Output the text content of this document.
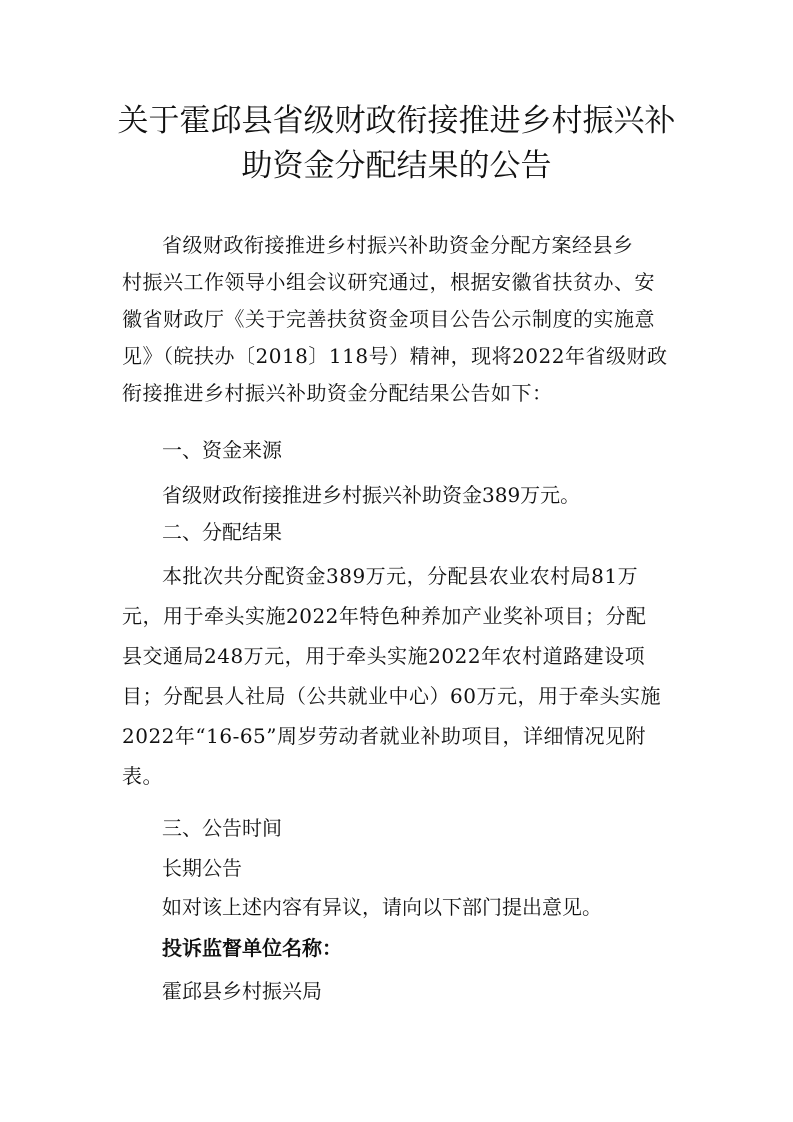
关于霍邱县省级财政衔接推进乡村振兴补
助资金分配结果的公告
省级财政衔接推进乡村振兴补助资金分配方案经县乡
村振兴工作领导小组会议研究通过，根据安徽省扶贫办、安
徽省财政厅《关于完善扶贫资金项目公告公示制度的实施意
见》（皖扶办〔2018〕118号）精神，现将2022年省级财政
衔接推进乡村振兴补助资金分配结果公告如下：
一、资金来源
省级财政衔接推进乡村振兴补助资金389万元。
二、分配结果
本批次共分配资金389万元，分配县农业农村局81万
元，用于牵头实施2022年特色种养加产业奖补项目；分配
县交通局248万元，用于牵头实施2022年农村道路建设项
目；分配县人社局（公共就业中心）60万元，用于牵头实施
2022年“16-65”周岁劳动者就业补助项目，详细情况见附
表。
三、公告时间
长期公告
如对该上述内容有异议，请向以下部门提出意见。
投诉监督单位名称：
霍邱县乡村振兴局
